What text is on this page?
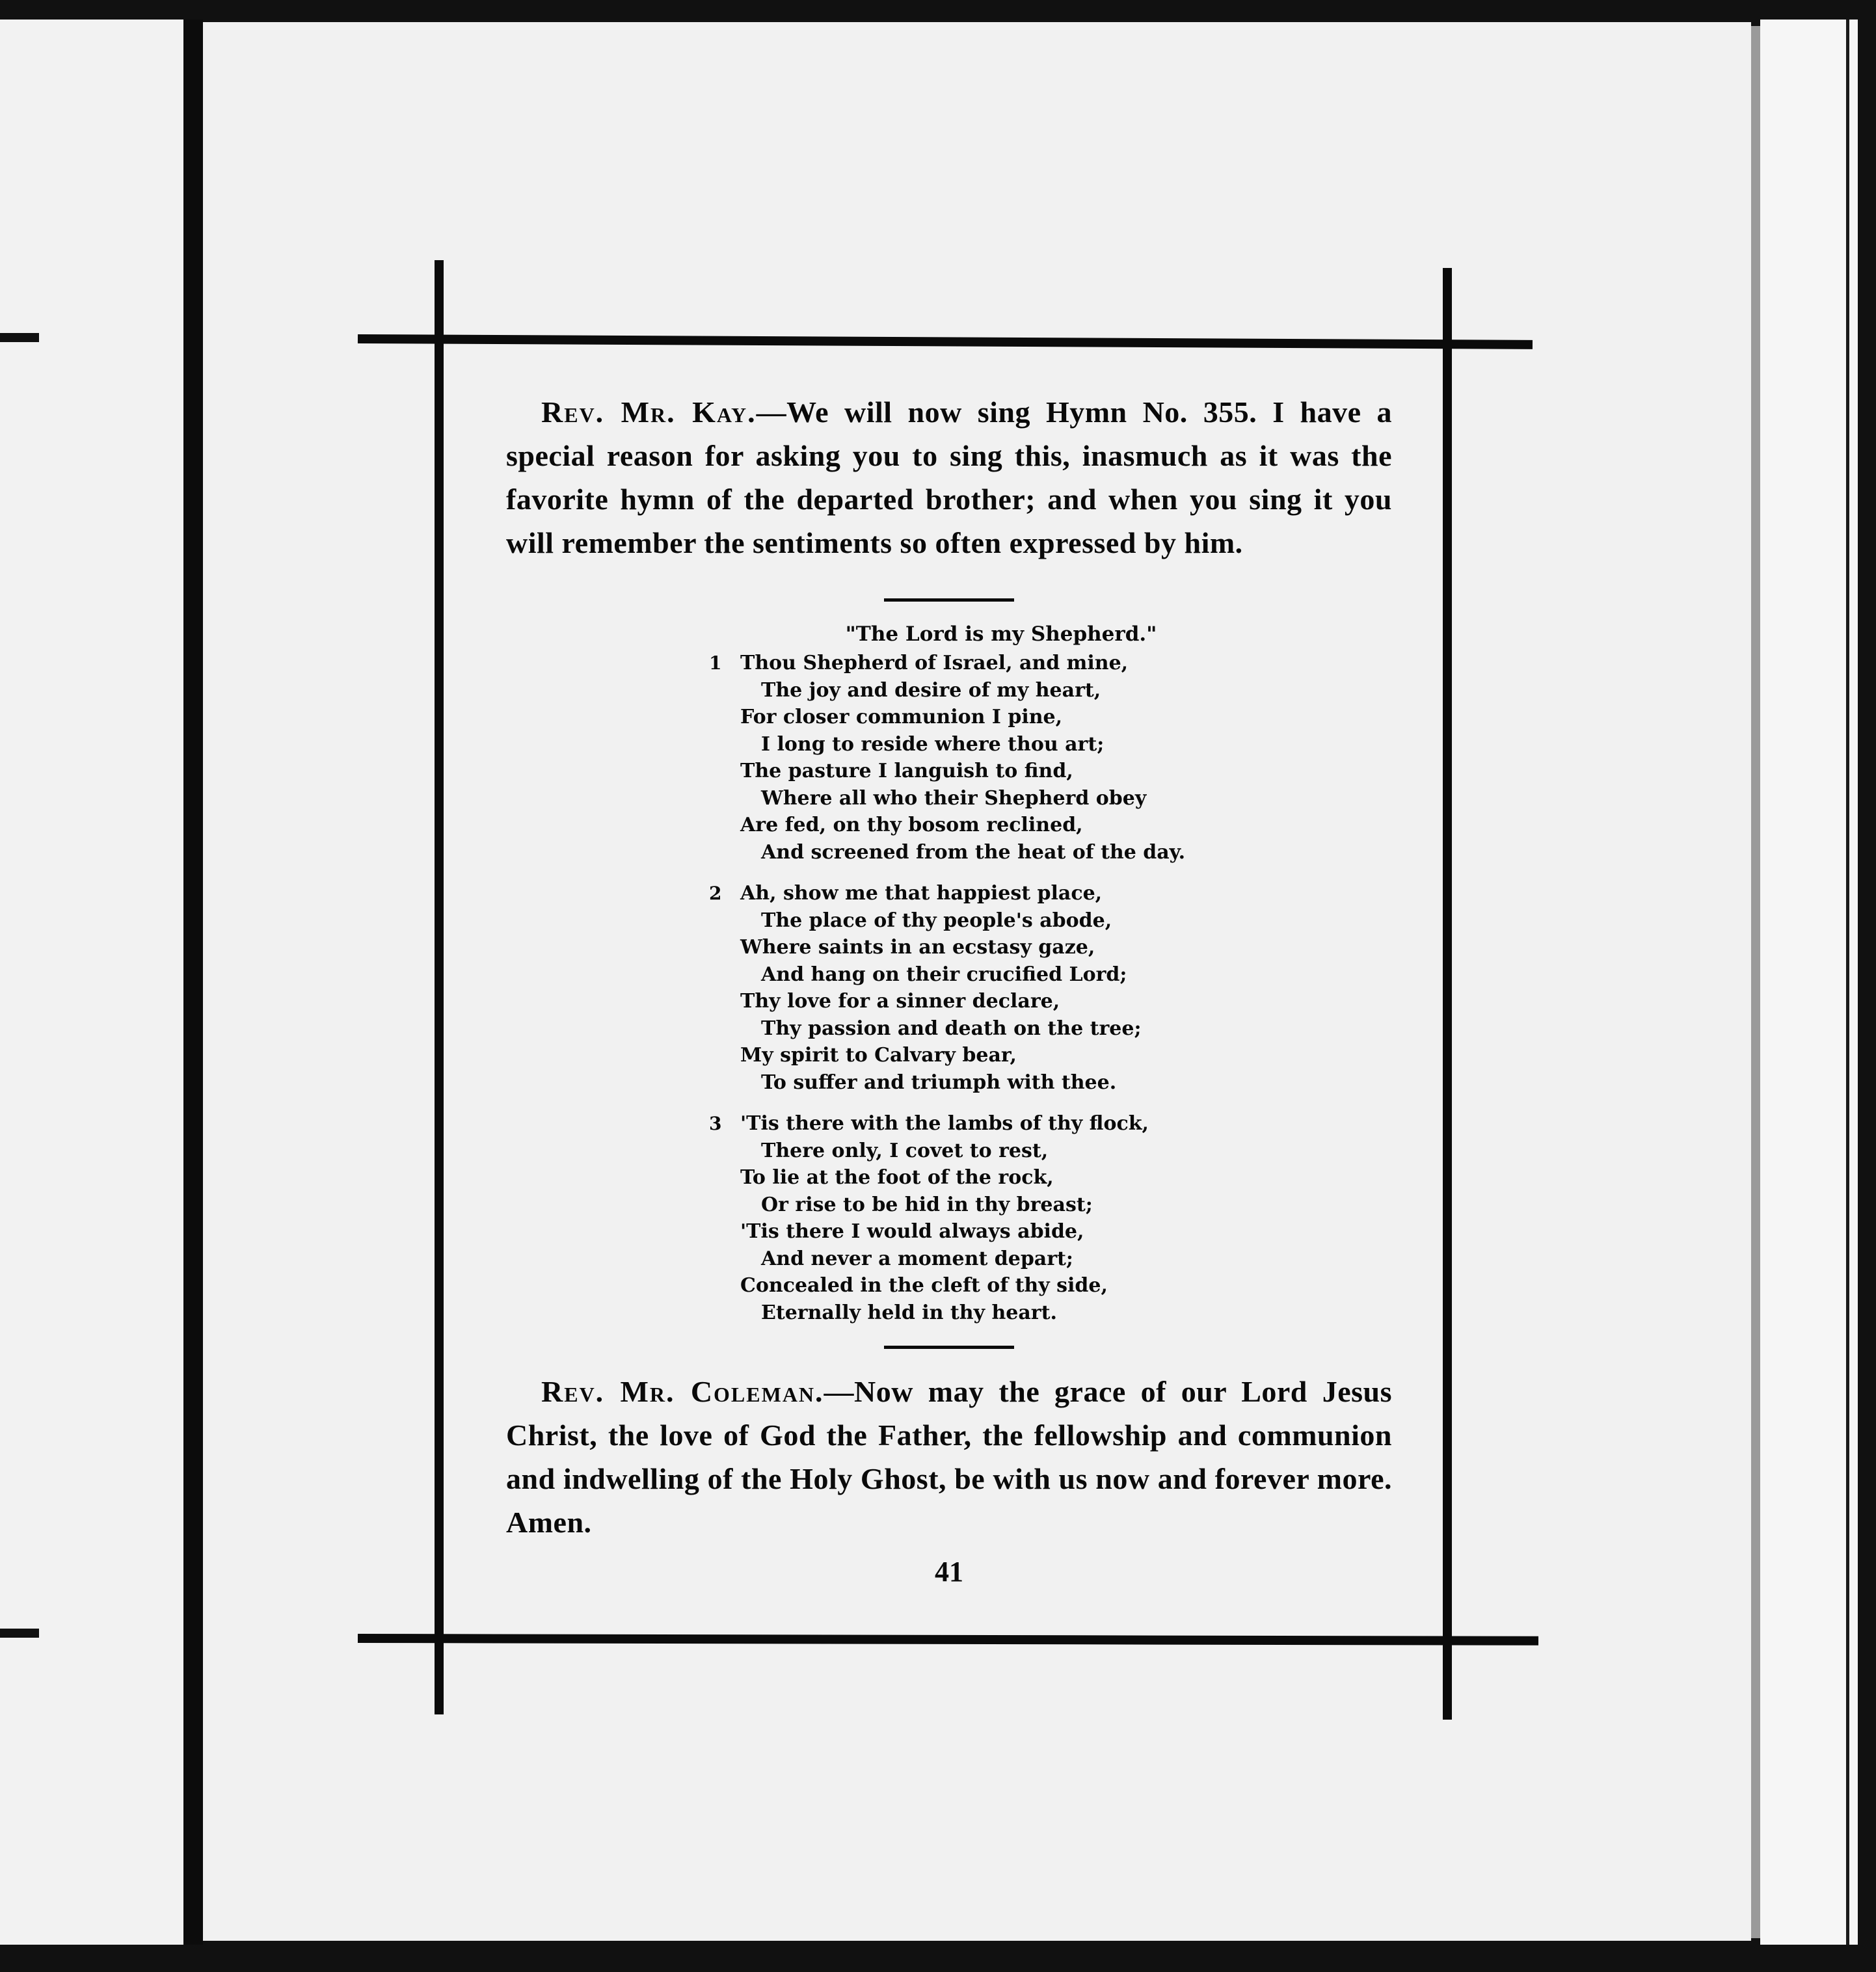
Rev. Mr. Kay.—We will now sing Hymn No. 355. I have a special reason for asking you to sing this, inasmuch as it was the favorite hymn of the departed brother; and when you sing it you will remember the sentiments so often expressed by him.

"The Lord is my Shepherd."
1 Thou Shepherd of Israel, and mine,
The joy and desire of my heart,
For closer communion I pine,
I long to reside where thou art;
The pasture I languish to find,
Where all who their Shepherd obey
Are fed, on thy bosom reclined,
And screened from the heat of the day.
2 Ah, show me that happiest place,
The place of thy people's abode,
Where saints in an ecstasy gaze,
And hang on their crucified Lord;
Thy love for a sinner declare,
Thy passion and death on the tree;
My spirit to Calvary bear,
To suffer and triumph with thee.
3 'Tis there with the lambs of thy flock,
There only, I covet to rest,
To lie at the foot of the rock,
Or rise to be hid in thy breast;
'Tis there I would always abide,
And never a moment depart;
Concealed in the cleft of thy side,
Eternally held in thy heart.

Rev. Mr. Coleman.—Now may the grace of our Lord Jesus Christ, the love of God the Father, the fellowship and communion and indwelling of the Holy Ghost, be with us now and forever more. Amen.

41
